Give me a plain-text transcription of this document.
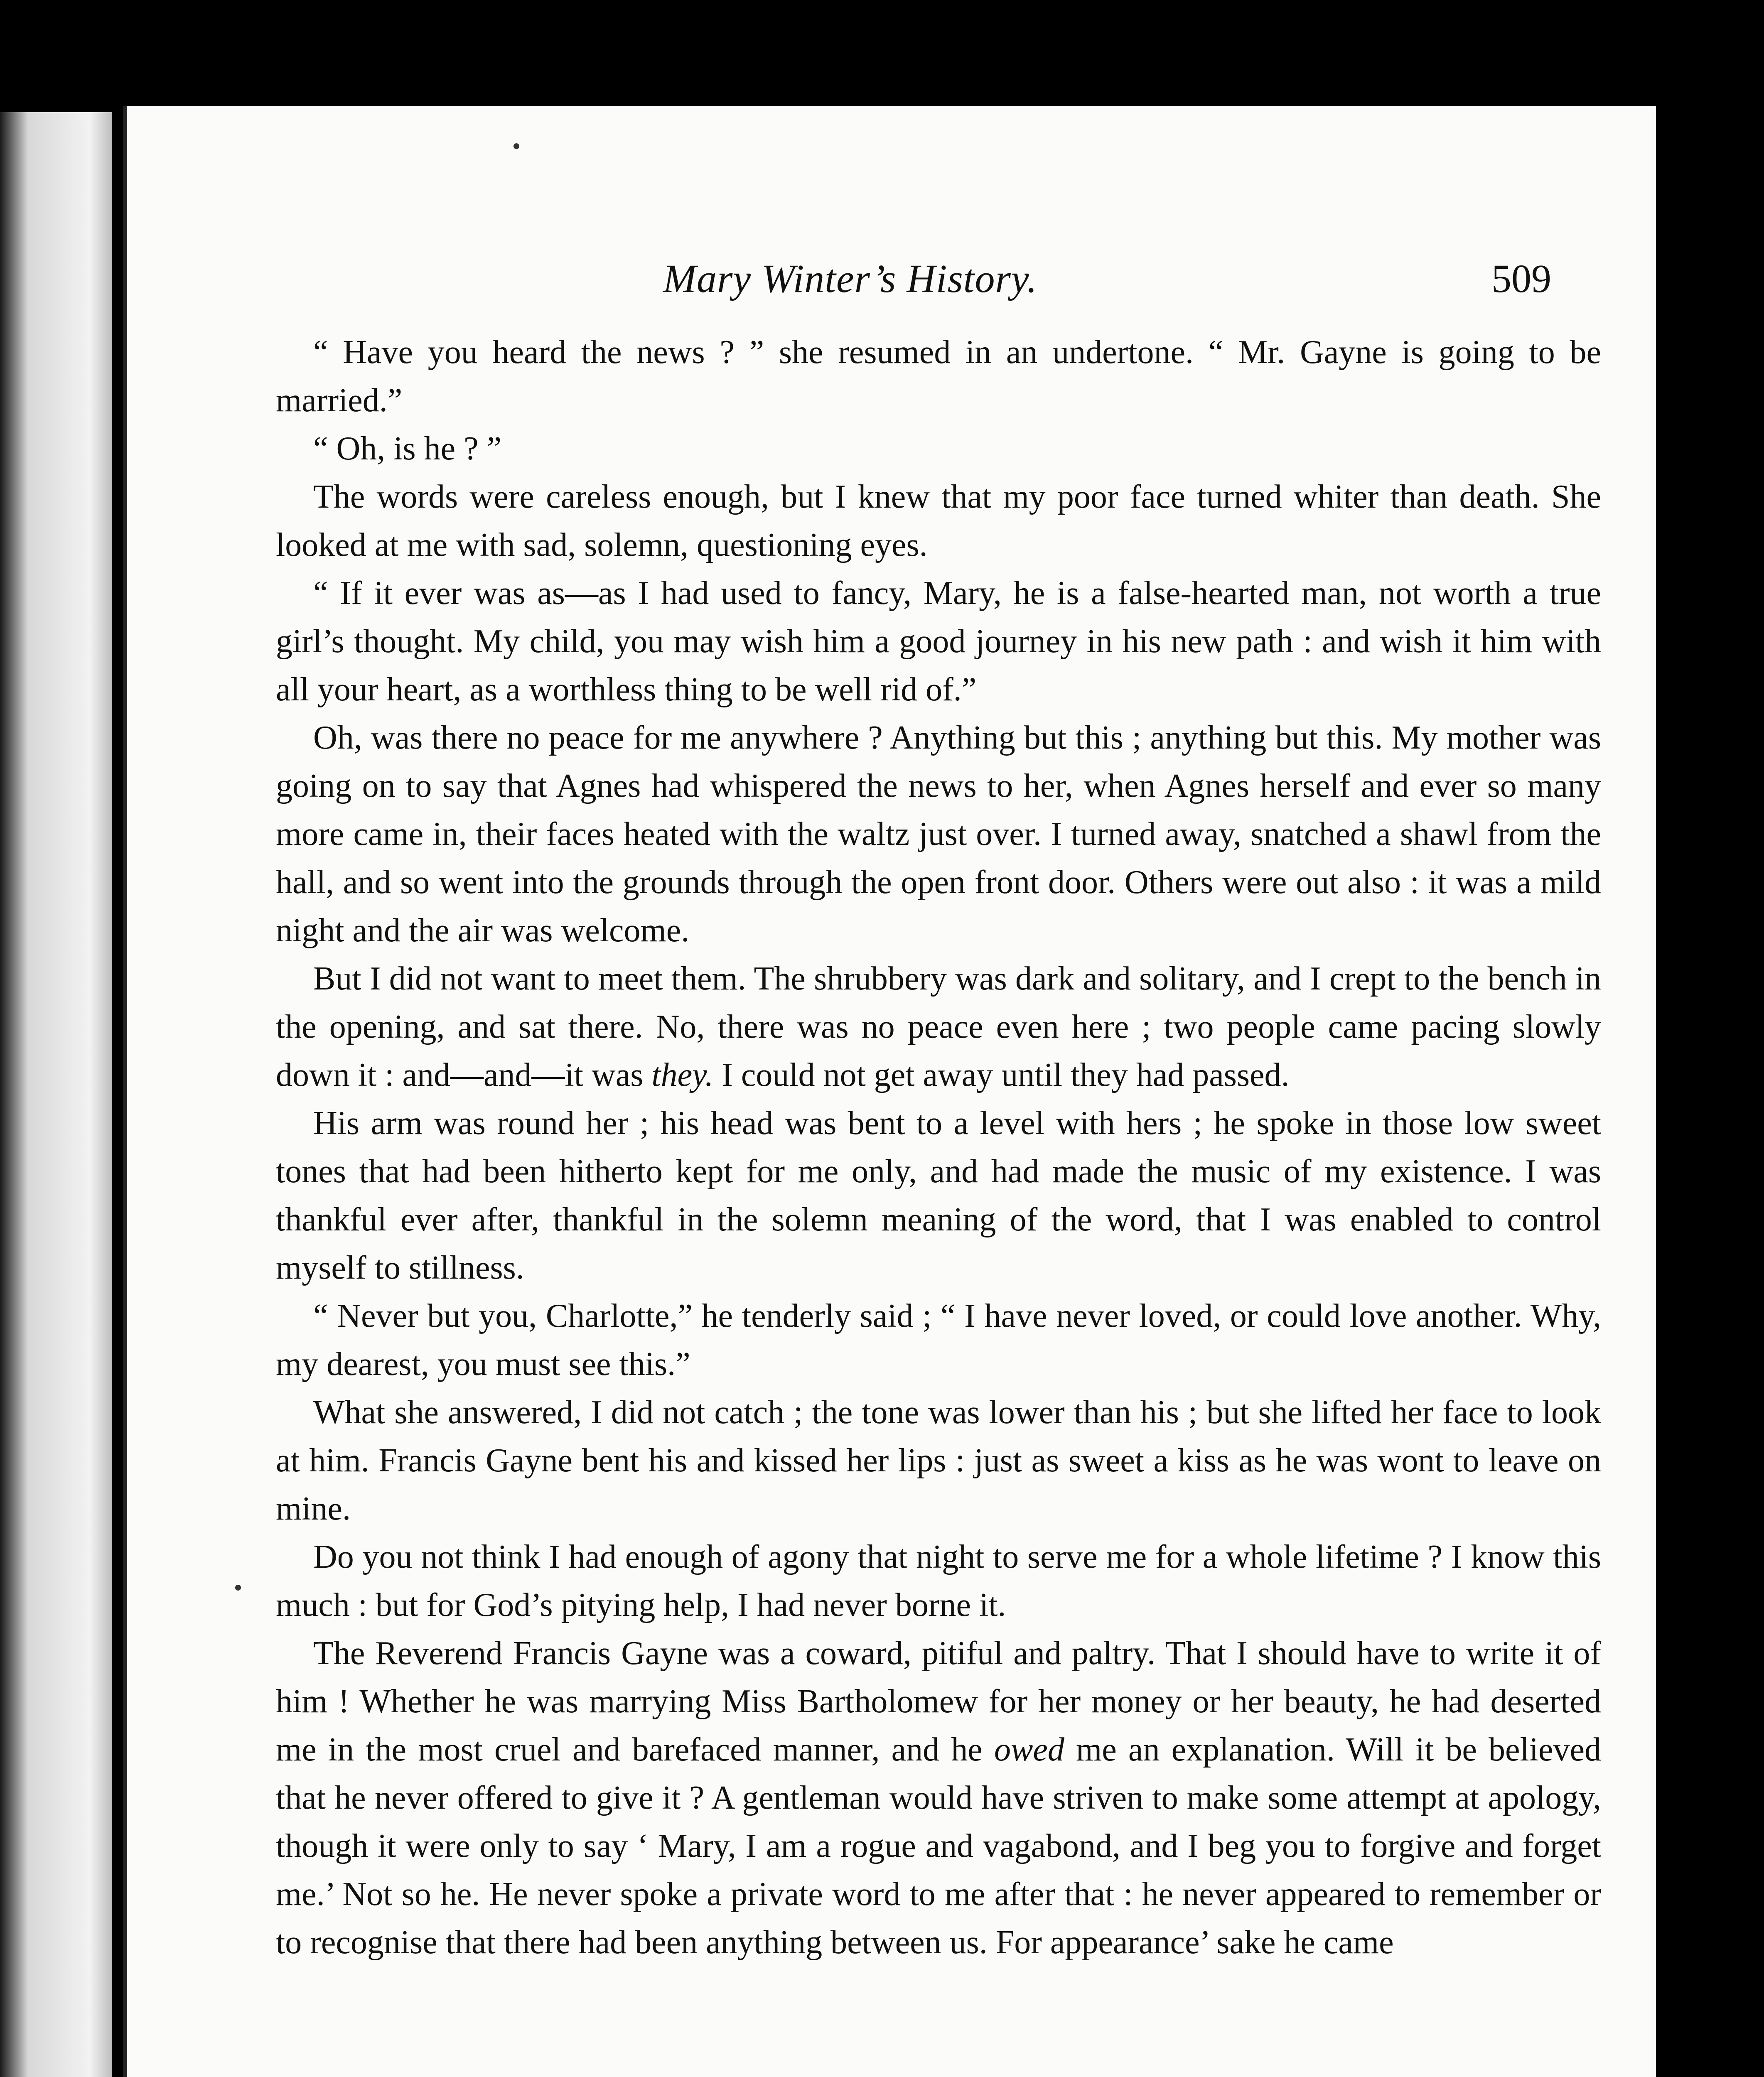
Mary Winter’s History.	509

“ Have you heard the news ? ” she resumed in an undertone. “ Mr. Gayne is going to be married.”

“ Oh, is he ? ”

The words were careless enough, but I knew that my poor face turned whiter than death. She looked at me with sad, solemn, questioning eyes.

“ If it ever was as—as I had used to fancy, Mary, he is a false-hearted man, not worth a true girl’s thought. My child, you may wish him a good journey in his new path : and wish it him with all your heart, as a worthless thing to be well rid of.”

Oh, was there no peace for me anywhere ? Anything but this ; anything but this. My mother was going on to say that Agnes had whispered the news to her, when Agnes herself and ever so many more came in, their faces heated with the waltz just over. I turned away, snatched a shawl from the hall, and so went into the grounds through the open front door. Others were out also : it was a mild night and the air was welcome.

But I did not want to meet them. The shrubbery was dark and solitary, and I crept to the bench in the opening, and sat there. No, there was no peace even here ; two people came pacing slowly down it : and—and—it was they. I could not get away until they had passed.

His arm was round her ; his head was bent to a level with hers ; he spoke in those low sweet tones that had been hitherto kept for me only, and had made the music of my existence. I was thankful ever after, thankful in the solemn meaning of the word, that I was enabled to control myself to stillness.

“ Never but you, Charlotte,” he tenderly said ; “ I have never loved, or could love another. Why, my dearest, you must see this.”

What she answered, I did not catch ; the tone was lower than his ; but she lifted her face to look at him. Francis Gayne bent his and kissed her lips : just as sweet a kiss as he was wont to leave on mine.

Do you not think I had enough of agony that night to serve me for a whole lifetime ? I know this much : but for God’s pitying help, I had never borne it.

The Reverend Francis Gayne was a coward, pitiful and paltry. That I should have to write it of him ! Whether he was marrying Miss Bartholomew for her money or her beauty, he had deserted me in the most cruel and barefaced manner, and he owed me an explanation. Will it be believed that he never offered to give it ? A gentleman would have striven to make some attempt at apology, though it were only to say ‘ Mary, I am a rogue and vagabond, and I beg you to forgive and forget me.’ Not so he. He never spoke a private word to me after that : he never appeared to remember or to recognise that there had been anything between us. For appearance’ sake he came
